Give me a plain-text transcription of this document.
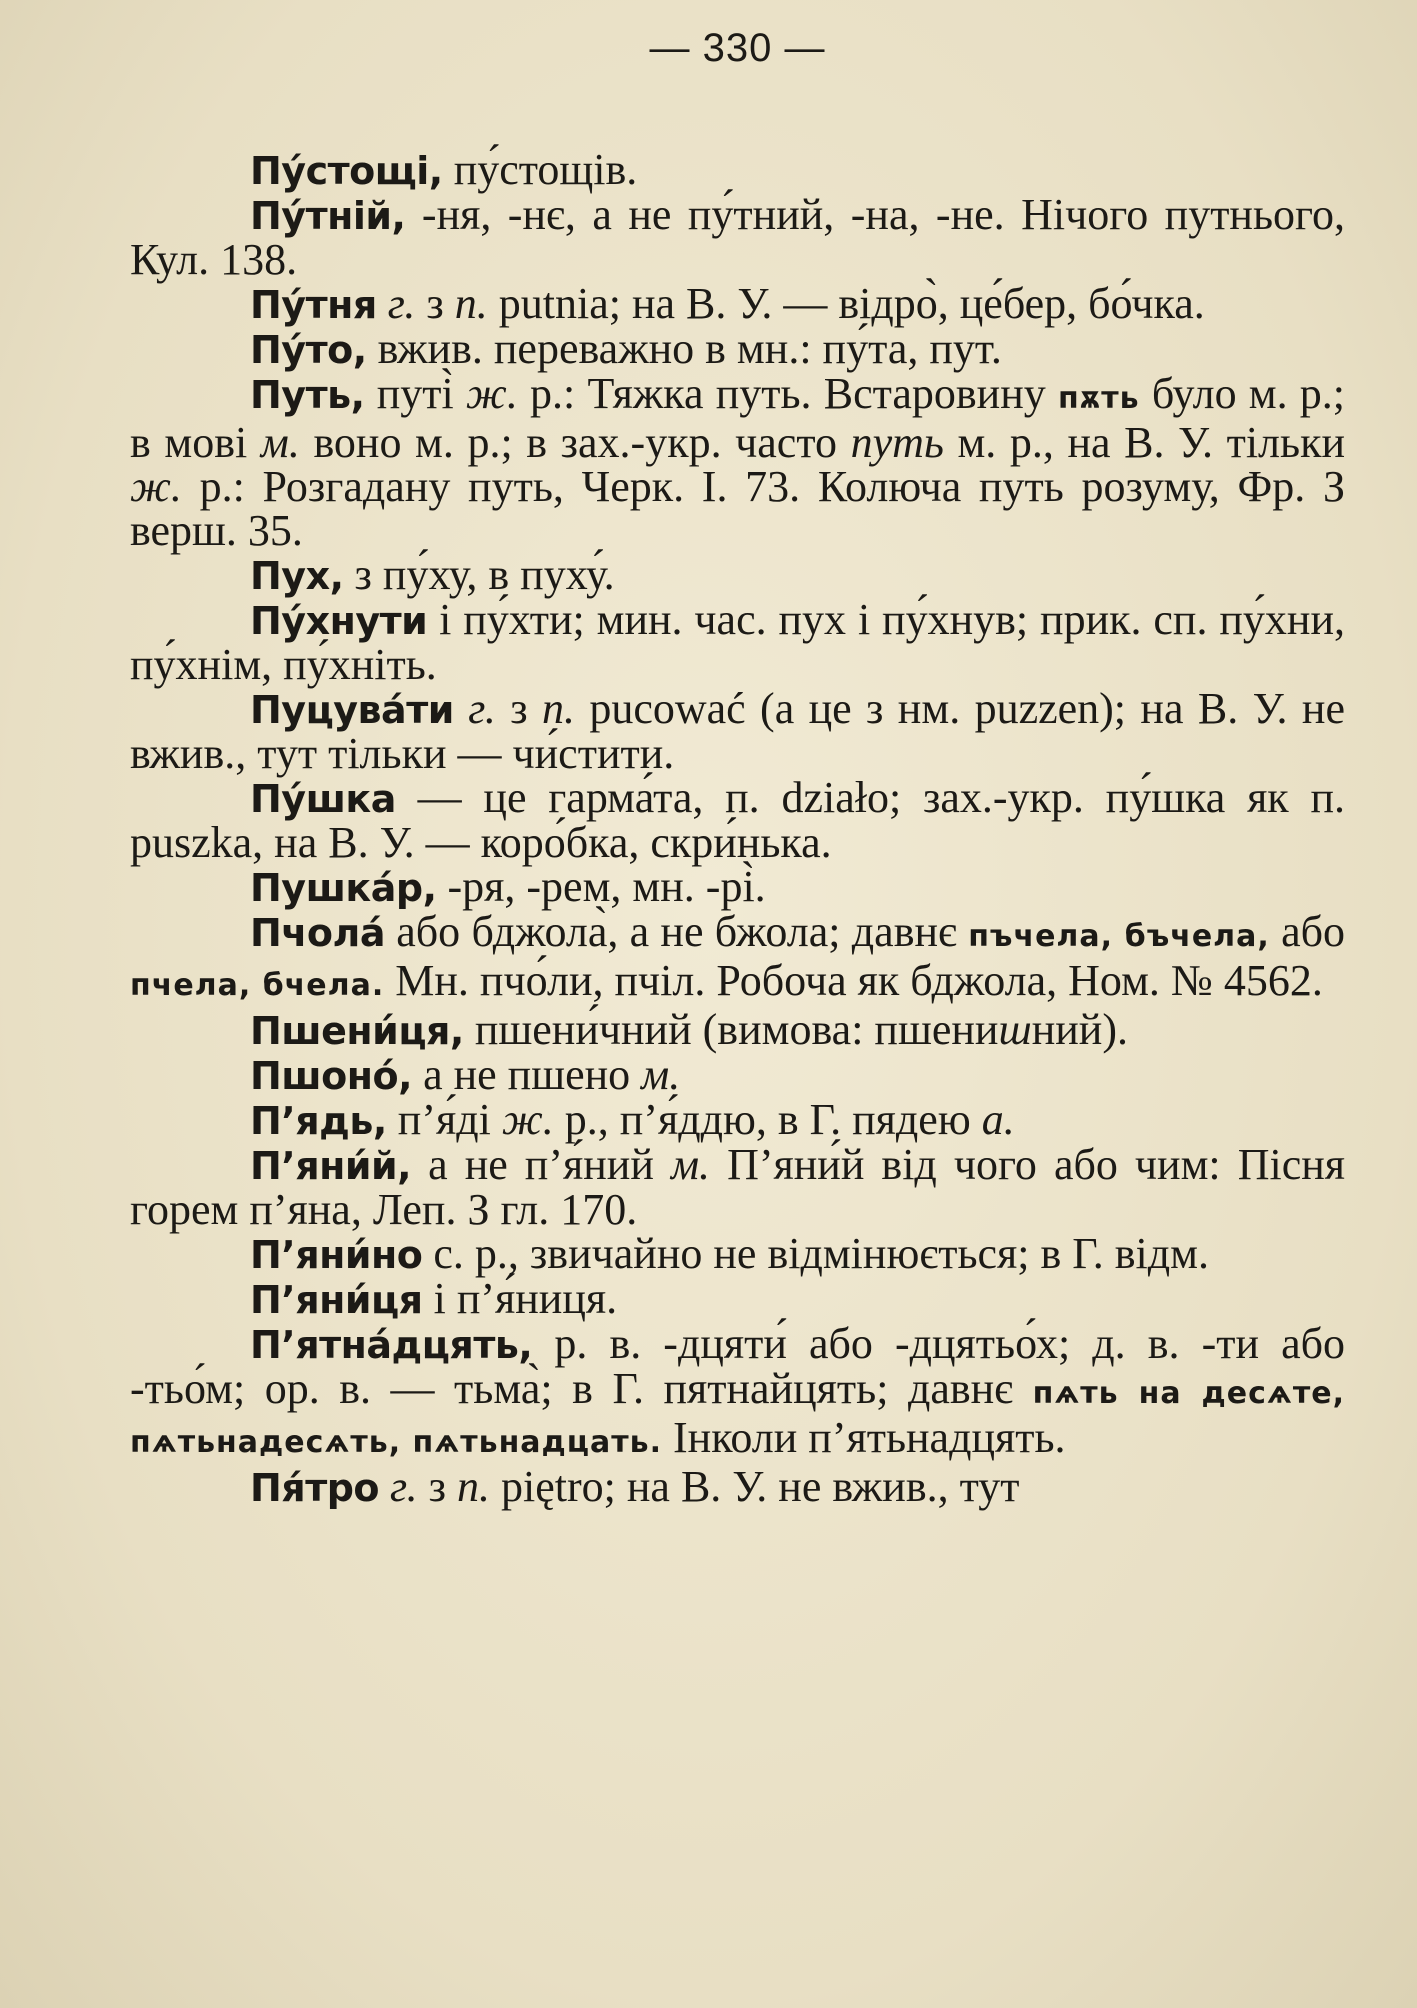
— 330 —

Пу́стощі, пу́стощів.

Пу́тній, -ня, -нє, а не пу́тний, -на, -не. Нічого путнього, Кул. 138.

Пу́тня г. з п. putnia; на В. У. — відро̀, це́бер, бо́чка.

Пу́то, вжив. переважно в мн.: пу́та, пут.

Путь, путі̀ ж. р.: Тяжка путь. Встаровину пѫть було м. р.; в мові м. воно м. р.; в зах.-укр. часто путь м. р., на В. У. тільки ж. р.: Розгадану путь, Черк. I. 73. Колюча путь розуму, Фр. З верш. 35.

Пух, з пу́ху, в пуху́.

Пу́хнути і пу́хти; мин. час. пух і пу́хнув; прик. сп. пу́хни, пу́хнім, пу́хніть.

Пуцува́ти г. з п. pucować (а це з нм. puzzen); на В. У. не вжив., тут тільки — чи́стити.

Пу́шка — це гарма́та, п. działo; зах.-укр. пу́шка як п. puszka, на В. У. — коро́бка, скри́нька.

Пушка́р, -ря, -рем, мн. -рі̀.

Пчола́ або бджола̀, а не бжола; давнє пъчела, бъчела, або пчела, бчела. Мн. пчо́ли, пчіл. Робоча як бджола, Ном. № 4562.

Пшени́ця, пшени́чний (вимова: пшенишний).

Пшоно́, а не пшено м.

П’ядь, п’я́ді ж. р., п’я́ддю, в Г. пядею а.

П’яни́й, а не п’я́ний м. П’яни́й від чого або чим: Пісня горем п’яна, Леп. З гл. 170.

П’яни́но с. р., звичайно не відмінюється; в Г. відм.

П’яни́ця і п’я́ниця.

П’ятна́дцять, р. в. -дцяти́ або -дцятьо́х; д. в. -ти або -тьо́м; ор. в. — тьма̀; в Г. пятнайцять; давнє пѧть на десѧте, пѧтьнадесѧть, пѧтьнадцать. Інколи п’ятьнадцять.

Пя́тро г. з п. piętro; на В. У. не вжив., тут
